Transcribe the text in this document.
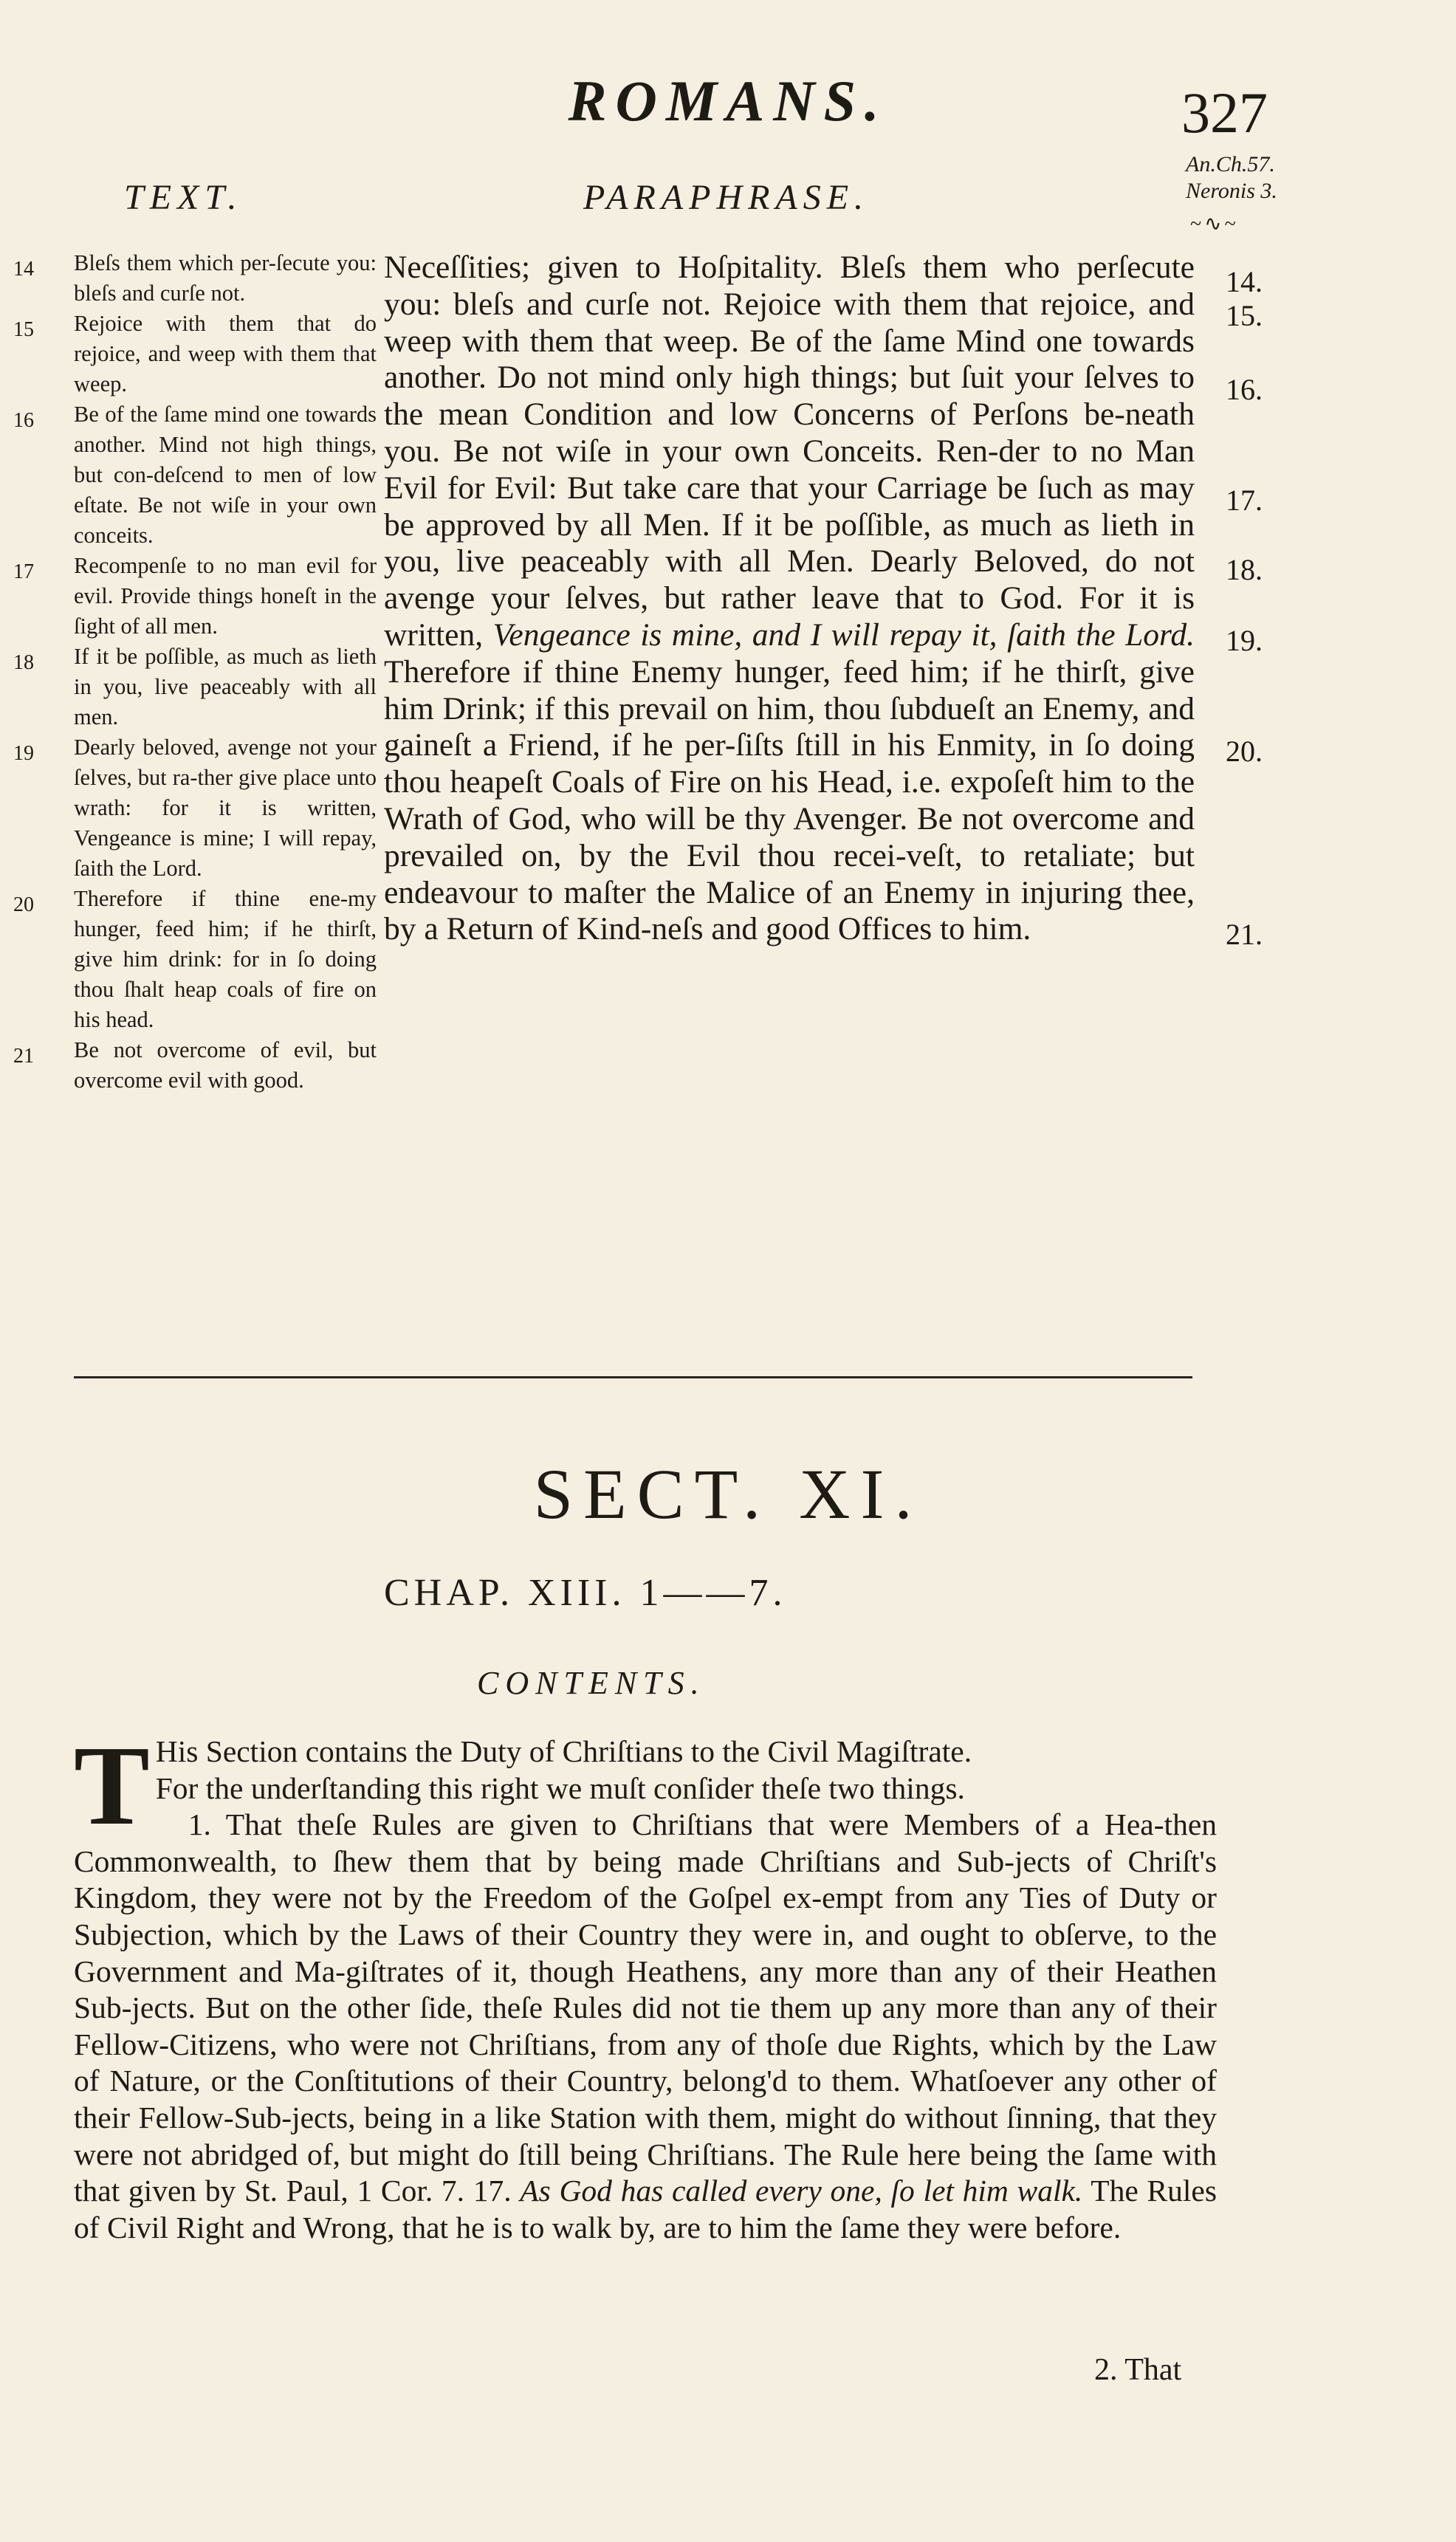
ROMANS.	327
An.Ch.57.
Neronis 3.
~∿~
TEXT.	PARAPHRASE.
14 Bleſs them which per-ſecute you: bleſs and curſe not.
15 Rejoice with them that do rejoice, and weep with them that weep.
16 Be of the ſame mind one towards another. Mind not high things, but con-deſcend to men of low eſtate. Be not wiſe in your own conceits.
17 Recompenſe to no man evil for evil. Provide things honeſt in the ſight of all men.
18 If it be poſſible, as much as lieth in you, live peaceably with all men.
19 Dearly beloved, avenge not your ſelves, but ra-ther give place unto wrath: for it is written, Vengeance is mine; I will repay, ſaith the Lord.
20 Therefore if thine ene-my hunger, feed him; if he thirſt, give him drink: for in ſo doing thou ſhalt heap coals of fire on his head.
21 Be not overcome of evil, but overcome evil with good.

Neceſſities; given to Hoſpitality. Bleſs them who perſecute you: bleſs and curſe not. Rejoice with them that rejoice, and weep with them that weep. Be of the ſame Mind one towards another. Do not mind only high things; but ſuit your ſelves to the mean Condition and low Concerns of Perſons be-neath you. Be not wiſe in your own Conceits. Ren-der to no Man Evil for Evil: But take care that your Carriage be ſuch as may be approved by all Men. If it be poſſible, as much as lieth in you, live peaceably with all Men. Dearly Beloved, do not avenge your ſelves, but rather leave that to God. For it is written, Vengeance is mine, and I will repay it, ſaith the Lord. Therefore if thine Enemy hunger, feed him; if he thirſt, give him Drink; if this prevail on him, thou ſubdueſt an Enemy, and gaineſt a Friend, if he per-ſiſts ſtill in his Enmity, in ſo doing thou heapeſt Coals of Fire on his Head, i.e. expoſeſt him to the Wrath of God, who will be thy Avenger. Be not overcome and prevailed on, by the Evil thou recei-veſt, to retaliate; but endeavour to maſter the Malice of an Enemy in injuring thee, by a Return of Kind-neſs and good Offices to him.

14.
15.
16.
17.
18.
19.
20.
21.
SECT. XI.
CHAP. XIII. 1——7.
CONTENTS.

T His Section contains the Duty of Chriſtians to the Civil Magiſtrate.

For the underſtanding this right we muſt conſider theſe two things.

1. That theſe Rules are given to Chriſtians that were Members of a Hea-then Commonwealth, to ſhew them that by being made Chriſtians and Sub-jects of Chriſt's Kingdom, they were not by the Freedom of the Goſpel ex-empt from any Ties of Duty or Subjection, which by the Laws of their Country they were in, and ought to obſerve, to the Government and Ma-giſtrates of it, though Heathens, any more than any of their Heathen Sub-jects. But on the other ſide, theſe Rules did not tie them up any more than any of their Fellow-Citizens, who were not Chriſtians, from any of thoſe due Rights, which by the Law of Nature, or the Conſtitutions of their Country, belong'd to them. Whatſoever any other of their Fellow-Sub-jects, being in a like Station with them, might do without ſinning, that they were not abridged of, but might do ſtill being Chriſtians. The Rule here being the ſame with that given by St. Paul, 1 Cor. 7. 17. As God has called every one, ſo let him walk. The Rules of Civil Right and Wrong, that he is to walk by, are to him the ſame they were before.

2. That
